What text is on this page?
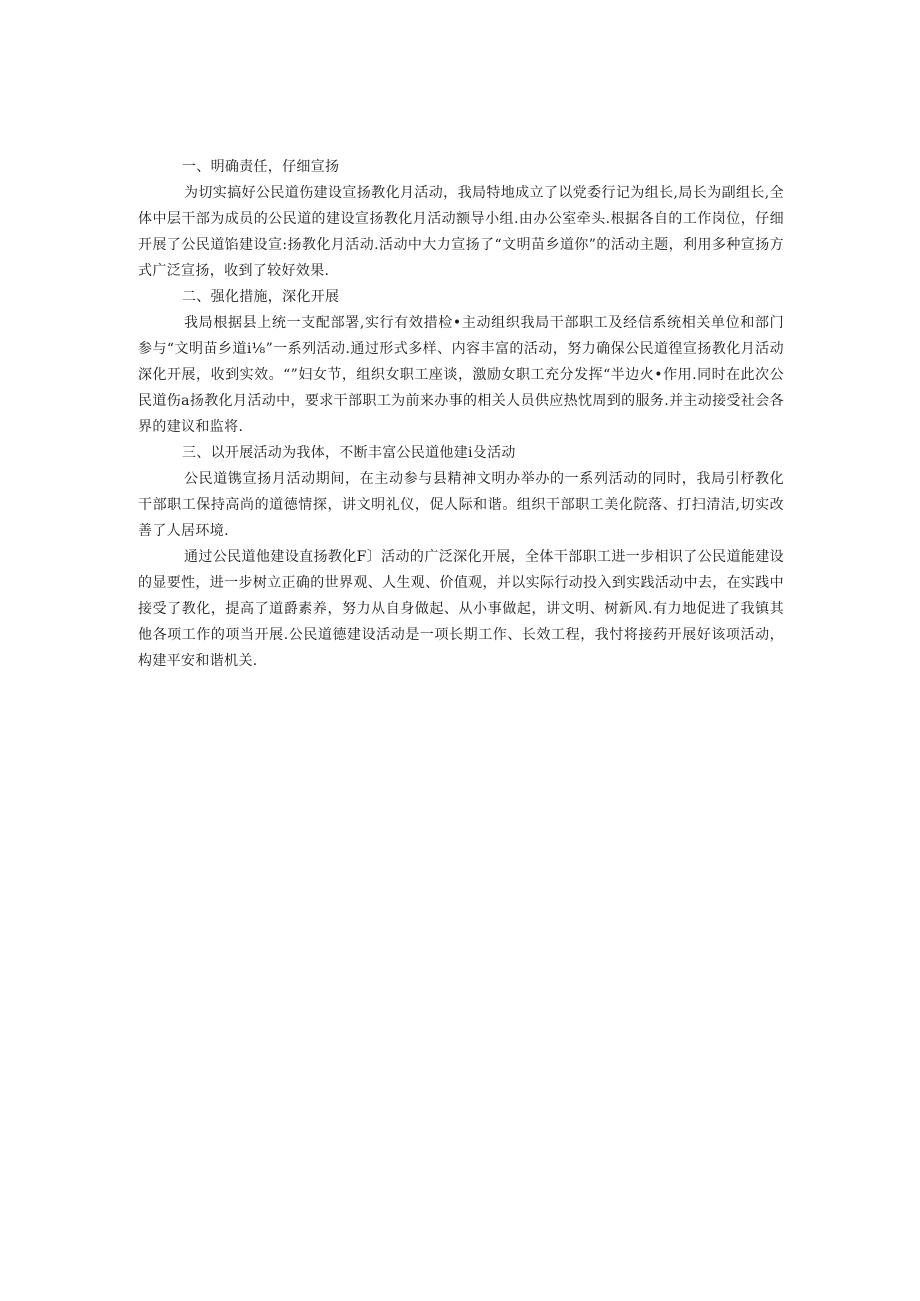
一、明确责任，仔细宣扬

为切实搞好公民道伤建设宣扬教化月活动，我局特地成立了以党委行记为组长,局长为副组长,全体中层干部为成员的公民道的建设宣扬教化月活动额导小组.由办公室牵头.根据各自的工作岗位，仔细开展了公民道馅建设宣:扬教化月活动.活动中大力宣扬了“文明苗乡道你”的活动主题，利用多种宣扬方式广泛宣扬，收到了较好效果.

二、强化措施，深化开展

我局根据县上统一支配部署,实行有效措检•主动组织我局干部职工及经信系统相关单位和部门参与“文明苗乡道i⅛”一系列活动.通过形式多样、内容丰富的活动，努力确保公民道徨宣扬教化月活动深化开展，收到实效。“”妇女节，组织女职工座谈，激励女职工充分发挥“半边火•作用.同时在此次公民道伤a扬教化月活动中，要求干部职工为前来办事的相关人员供应热忱周到的服务.并主动接受社会各界的建议和监将.

三、以开展活动为我体，不断丰富公民道他建i殳活动

公民道镌宣扬月活动期间，在主动参与县精神文明办举办的一系列活动的同时，我局引杼教化干部职工保持高尚的道德情探，讲文明礼仪，促人际和谐。组织干部职工美化院落、打扫清洁,切实改善了人居环境.

通过公民道他建设直扬教化F〕活动的广泛深化开展，全体干部职工进一步相识了公民道能建设的显要性，进一步树立正确的世界观、人生观、价值观，并以实际行动投入到实践活动中去，在实践中接受了教化，提高了道爵素养，努力从自身做起、从小事做起，讲文明、树新风.有力地促进了我镇其他各项工作的项当开展.公民道德建设活动是一项长期工作、长效工程，我忖将接药开展好该项活动，构建平安和谐机关.
